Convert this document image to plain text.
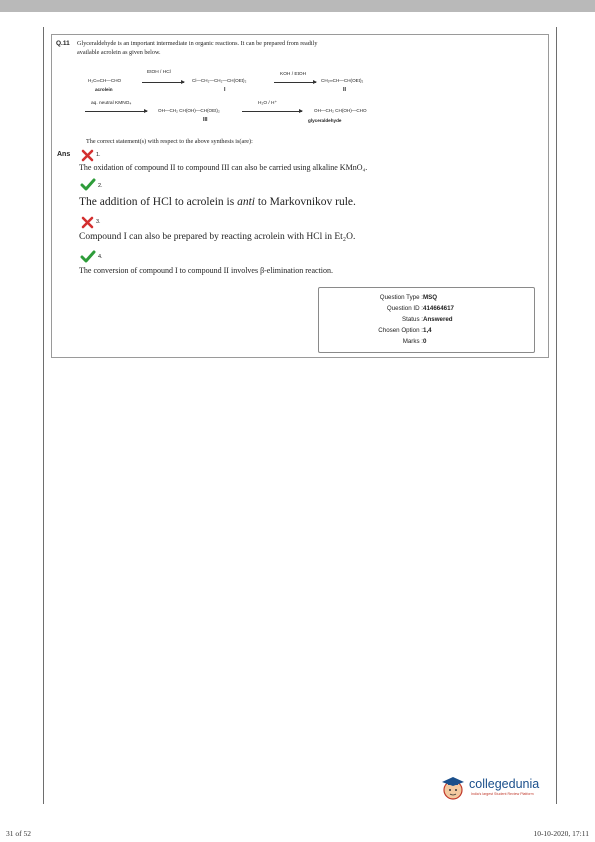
Q.11 Glyceraldehyde is an important intermediate in organic reactions. It can be prepared from readily
available acrolein as given below.
H₂C═CH—CHO
acrolein
EtOH / HCl
→ Cl—CH₂—CH₂—CH(OEt)₂
I
KOH / EtOH
→ CH₂═CH—CH(OEt)₂
II
aq. neutral KMNO₄
→ OH—CH₂ CH(OH)—CH(OEt)₂
III
H₂O / H⁺
→	OH—CH₂ CH(OH)—CHO
glyceraldehyde
The correct statement(s) with respect to the above synthesis is(are):
Ans	1.
The oxidation of compound II to compound III can also be carried using alkaline KMnO₄.
2.
The addition of HCl to acrolein is anti to Markovnikov rule.
3.
Compound I can also be prepared by reacting acrolein with HCl in Et₂O.
4.
The conversion of compound I to compound II involves β-elimination reaction.
Question Type : MSQ
Question ID : 414664617
Status : Answered
Chosen Option : 1,4
Marks : 0
collegedunia
India's largest Student Review Platform
31 of 52	10-10-2020, 17:11
